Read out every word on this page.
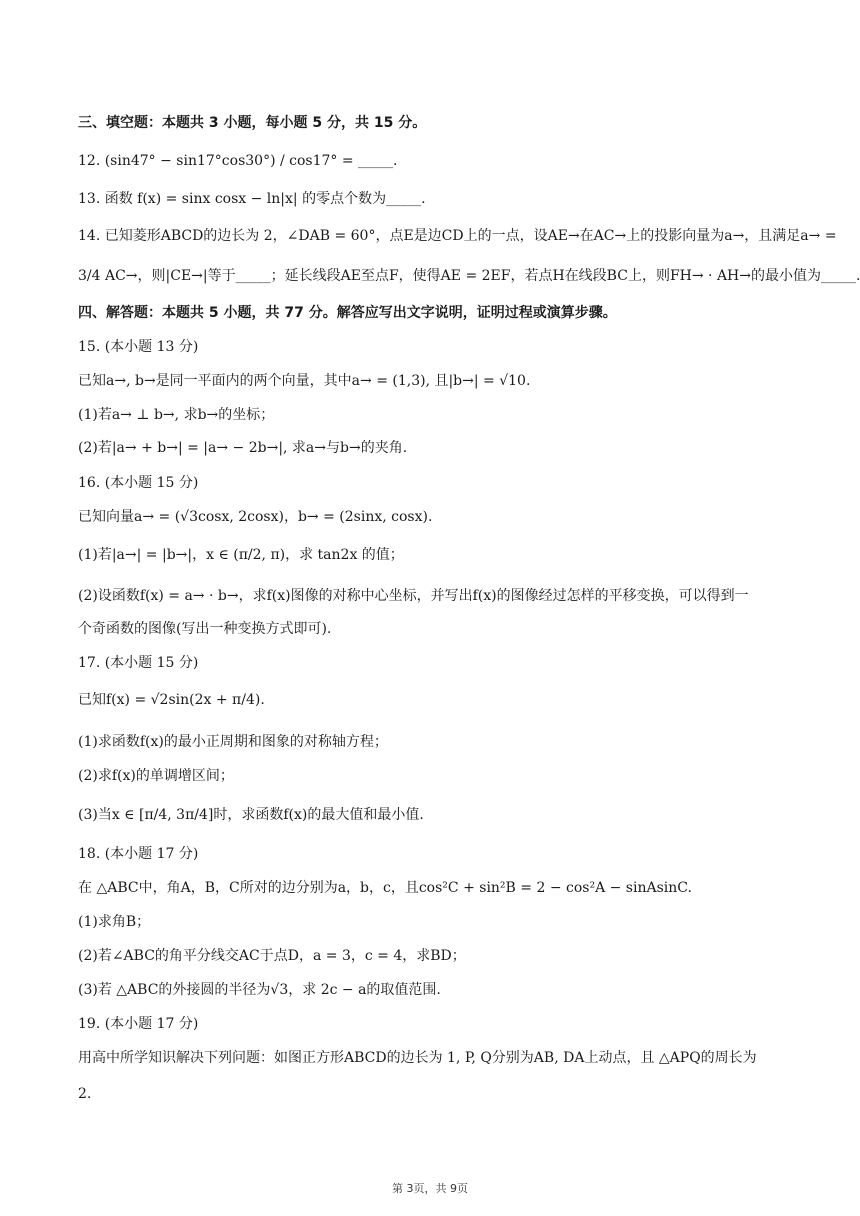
三、填空题：本题共 3 小题，每小题 5 分，共 15 分。
12. (sin47° − sin17°cos30°) / cos17° = _____.
13. 函数 f(x) = sinx cosx − ln|x| 的零点个数为_____.
14. 已知菱形ABCD的边长为 2，∠DAB = 60°，点E是边CD上的一点，设AE→在AC→上的投影向量为a→，且满足a→ =
3/4 AC→，则|CE→|等于_____；延长线段AE至点F，使得AE = 2EF，若点H在线段BC上，则FH→ · AH→的最小值为_____.
四、解答题：本题共 5 小题，共 77 分。解答应写出文字说明，证明过程或演算步骤。
15. (本小题 13 分)
已知a→, b→是同一平面内的两个向量，其中a→ = (1,3), 且|b→| = √10.
(1)若a→ ⊥ b→, 求b→的坐标；
(2)若|a→ + b→| = |a→ − 2b→|, 求a→与b→的夹角.
16. (本小题 15 分)
已知向量a→ = (√3cosx, 2cosx)，b→ = (2sinx, cosx).
(1)若|a→| = |b→|，x ∈ (π/2, π)，求 tan2x 的值；
(2)设函数f(x) = a→ · b→，求f(x)图像的对称中心坐标，并写出f(x)的图像经过怎样的平移变换，可以得到一
个奇函数的图像(写出一种变换方式即可).
17. (本小题 15 分)
已知f(x) = √2sin(2x + π/4).
(1)求函数f(x)的最小正周期和图象的对称轴方程；
(2)求f(x)的单调增区间；
(3)当x ∈ [π/4, 3π/4]时，求函数f(x)的最大值和最小值.
18. (本小题 17 分)
在 △ABC中，角A，B，C所对的边分别为a，b，c，且cos²C + sin²B = 2 − cos²A − sinAsinC.
(1)求角B；
(2)若∠ABC的角平分线交AC于点D，a = 3，c = 4，求BD；
(3)若 △ABC的外接圆的半径为√3，求 2c − a的取值范围.
19. (本小题 17 分)
用高中所学知识解决下列问题：如图正方形ABCD的边长为 1, P, Q分别为AB, DA上动点，且 △APQ的周长为
2.
第 3页，共 9页
